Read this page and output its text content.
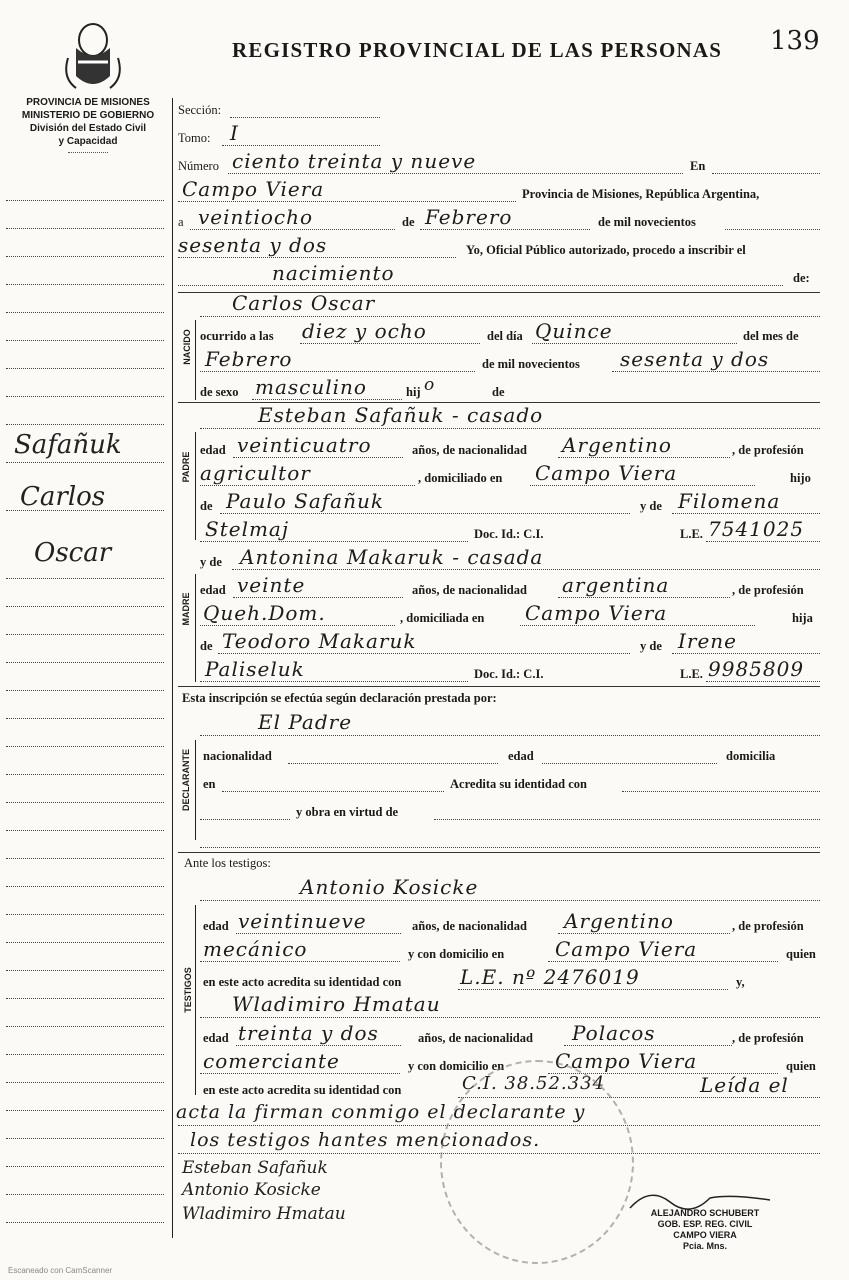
REGISTRO PROVINCIAL DE LAS PERSONAS 139
PROVINCIA DE MISIONES
MINISTERIO DE GOBIERNO
División del Estado Civil
y Capacidad
Safañuk
Carlos
Oscar
Sección:
Tomo: I
Número ciento treinta y nueve	En
Campo Viera	Provincia de Misiones, República Argentina,
a veintiocho	de Febrero	de mil novecientos
sesenta y dos	Yo, Oficial Público autorizado, procedo a inscribir el
nacimiento	de:
Carlos Oscar
NACIDO ocurrido a las diez y ocho	del día Quince	del mes de
Febrero	de mil novecientos sesenta y dos
de sexo masculino	hij o	de
Esteban Safañuk - casado
PADRE
edad veinticuatro	años, de nacionalidad Argentino	, de profesión
agricultor	, domiciliado en Campo Viera	hijo
de Paulo Safañuk	y de Filomena
Stelmaj	Doc. Id.: C.I.	L.E. 7541025
y de Antonina Makaruk - casada
MADRE
edad veinte	años, de nacionalidad argentina	, de profesión
Queh.Dom.	, domiciliada en Campo Viera	hija
de Teodoro Makaruk	y de Irene
Paliseluk	Doc. Id.: C.I.	L.E. 9985809
Esta inscripción se efectúa según declaración prestada por:
El Padre
DECLARANTE nacionalidad	edad	domicilia
en	Acredita su identidad con
y obra en virtud de
Ante los testigos:
Antonio Kosicke
TESTIGOS
edad veintinueve	años, de nacionalidad Argentino	, de profesión
mecánico	y con domicilio en	Campo Viera	quien
en este acto acredita su identidad con	L.E. nº 2476019	y,
Wladimiro Hmatau
edad treinta y dos	años, de nacionalidad Polacos	, de profesión
comerciante	y con domicilio en	Campo Viera	quien
en este acto acredita su identidad con	C.I. 38.52.334	Leída el
acta la firman conmigo el declarante y
los testigos hantes mencionados.
Esteban Safañuk
Antonio Kosicke
Wladimiro Hmatau	ALEJANDRO SCHUBERT
GOB. ESP. REG. CIVIL
CAMPO VIERA
Pcia. Mns.
Escaneado con CamScanner
